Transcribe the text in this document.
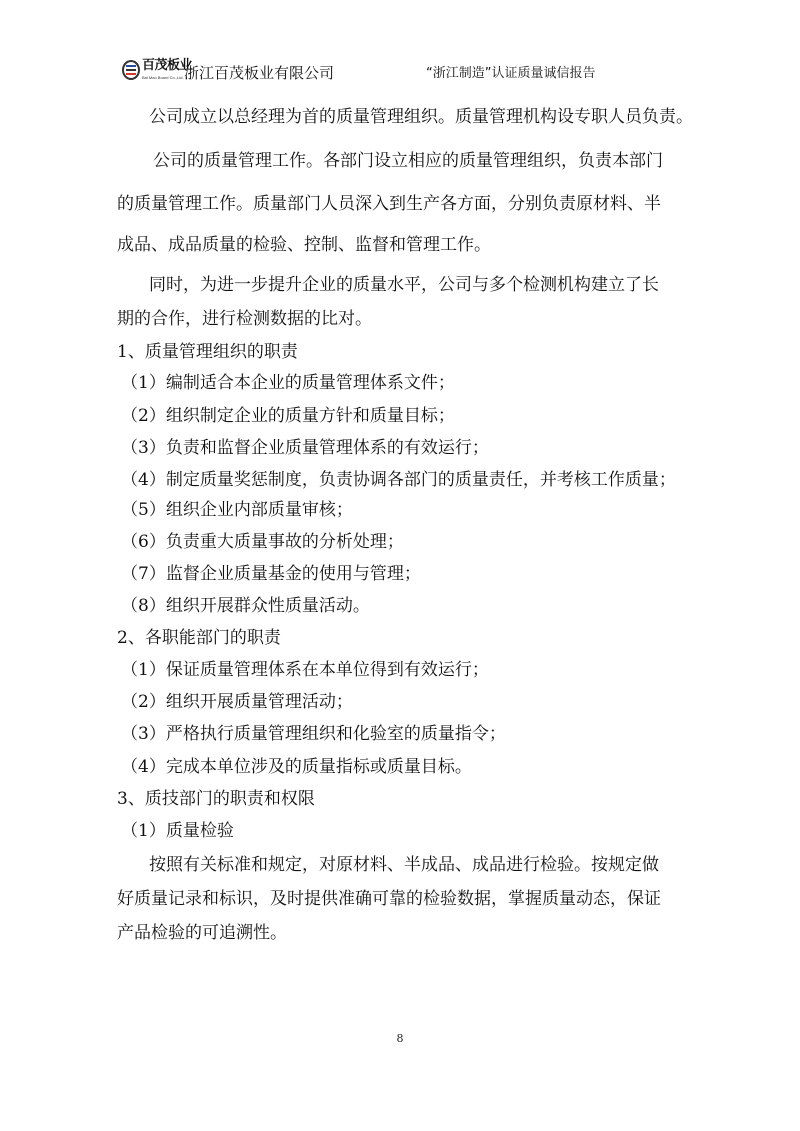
百茂板业
Bai Mao Board Co.,Ltd. 浙江百茂板业有限公司	“浙江制造”认证质量诚信报告
公司成立以总经理为首的质量管理组织。质量管理机构设专职人员负责。
公司的质量管理工作。各部门设立相应的质量管理组织，负责本部门
的质量管理工作。质量部门人员深入到生产各方面，分别负责原材料、半
成品、成品质量的检验、控制、监督和管理工作。
同时，为进一步提升企业的质量水平，公司与多个检测机构建立了长
期的合作，进行检测数据的比对。
1、质量管理组织的职责
（1）编制适合本企业的质量管理体系文件；
（2）组织制定企业的质量方针和质量目标；
（3）负责和监督企业质量管理体系的有效运行；
（4）制定质量奖惩制度，负责协调各部门的质量责任，并考核工作质量；
（5）组织企业内部质量审核；
（6）负责重大质量事故的分析处理；
（7）监督企业质量基金的使用与管理；
（8）组织开展群众性质量活动。
2、各职能部门的职责
（1）保证质量管理体系在本单位得到有效运行；
（2）组织开展质量管理活动；
（3）严格执行质量管理组织和化验室的质量指令；
（4）完成本单位涉及的质量指标或质量目标。
3、质技部门的职责和权限
（1）质量检验
按照有关标准和规定，对原材料、半成品、成品进行检验。按规定做
好质量记录和标识，及时提供准确可靠的检验数据，掌握质量动态，保证
产品检验的可追溯性。
8
